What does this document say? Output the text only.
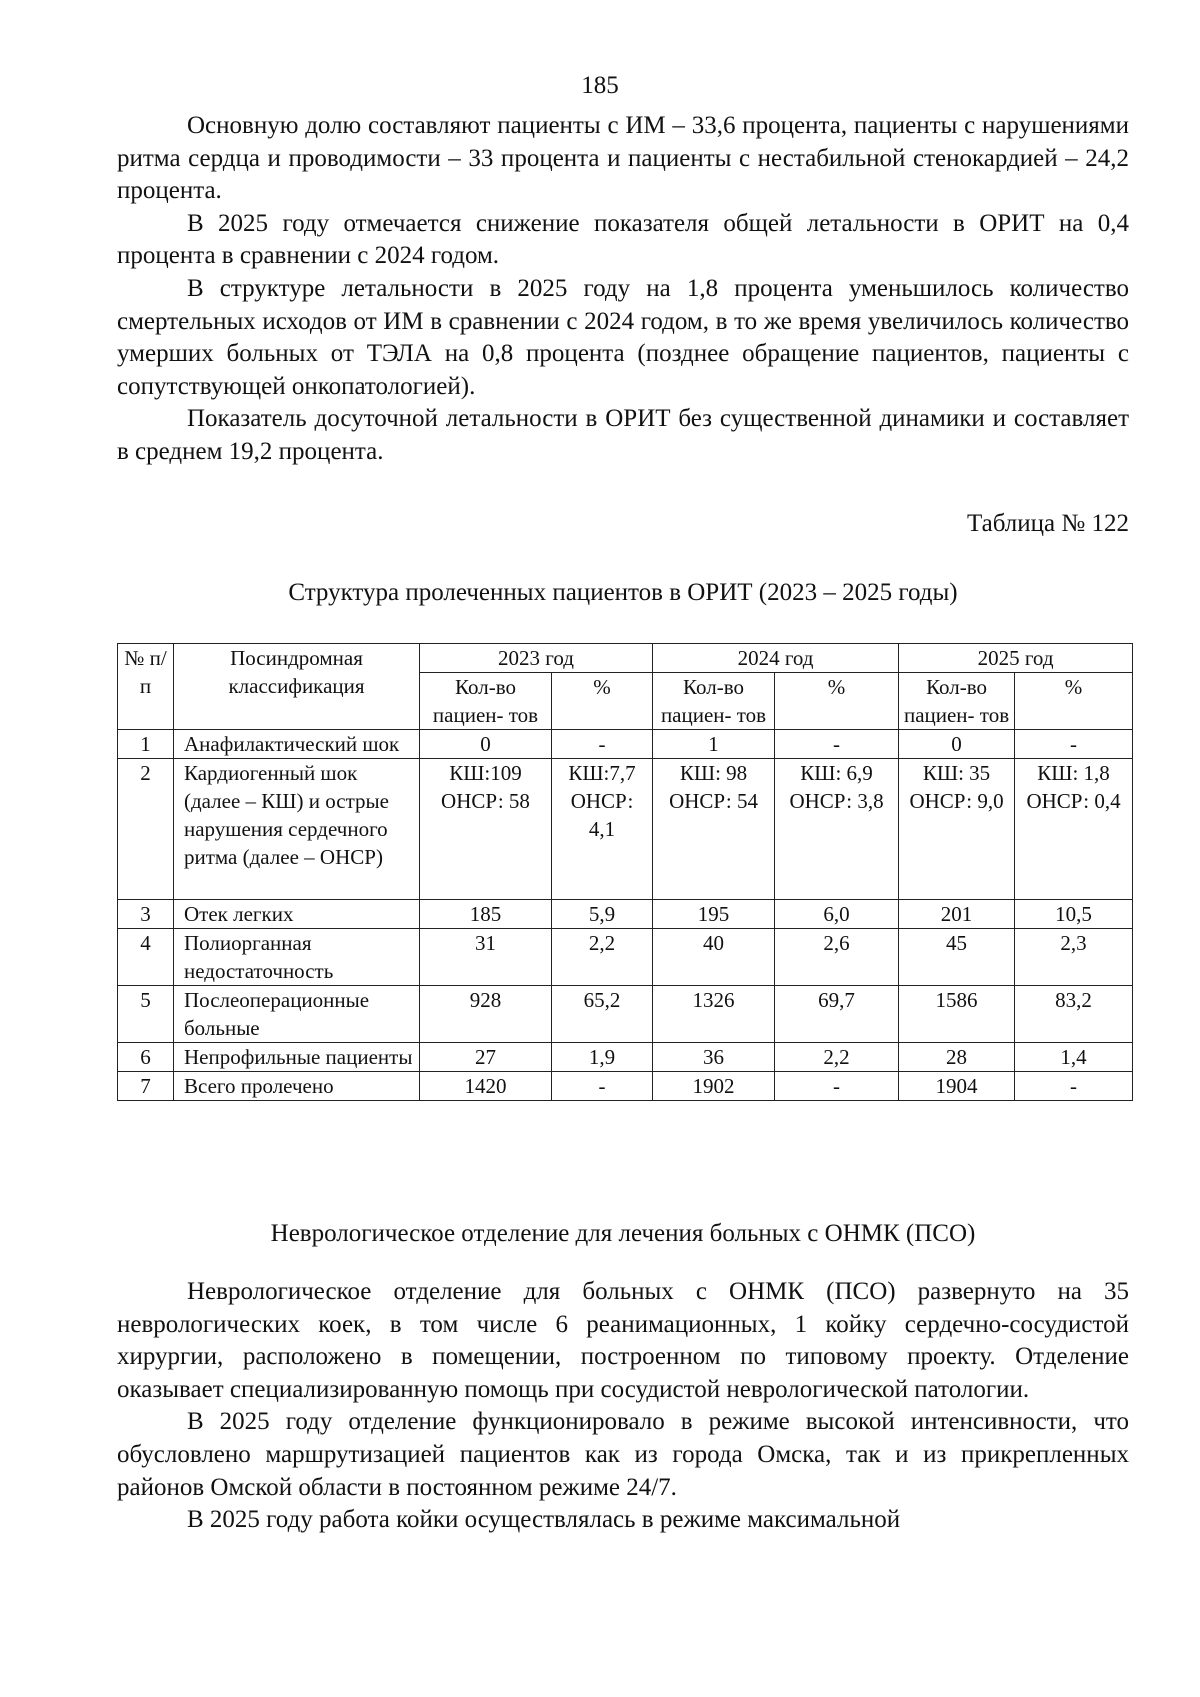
185

Основную долю составляют пациенты с ИМ – 33,6 процента, пациенты с нарушениями ритма сердца и проводимости – 33 процента и пациенты с нестабильной стенокардией – 24,2 процента.

В 2025 году отмечается снижение показателя общей летальности в ОРИТ на 0,4 процента в сравнении с 2024 годом.

В структуре летальности в 2025 году на 1,8 процента уменьшилось количество смертельных исходов от ИМ в сравнении с 2024 годом, в то же время увеличилось количество умерших больных от ТЭЛА на 0,8 процента (позднее обращение пациентов, пациенты с сопутствующей онкопатологией).

Показатель досуточной летальности в ОРИТ без существенной динамики и составляет в среднем 19,2 процента.

Таблица № 122
Структура пролеченных пациентов в ОРИТ (2023 – 2025 годы)
№ п/п	Посиндромная классификация	2023 год		2024 год		2025 год	
		Кол-во пациен- тов	%	Кол-во пациен- тов	%	Кол-во пациен- тов	%
1	Анафилактический шок	0	-	1	-	0	-
2	Кардиогенный шок (далее – КШ) и острые нарушения сердечного ритма (далее – ОНСР)	КШ:109 ОНСР: 58	КШ:7,7 ОНСР: 4,1	КШ: 98 ОНСР: 54	КШ: 6,9 ОНСР: 3,8	КШ: 35 ОНСР: 9,0	КШ: 1,8 ОНСР: 0,4
3	Отек легких	185	5,9	195	6,0	201	10,5
4	Полиорганная недостаточность	31	2,2	40	2,6	45	2,3
5	Послеоперационные больные	928	65,2	1326	69,7	1586	83,2
6	Непрофильные пациенты	27	1,9	36	2,2	28	1,4
7	Всего пролечено	1420	-	1902	-	1904	-
Неврологическое отделение для лечения больных с ОНМК (ПСО)

Неврологическое отделение для больных с ОНМК (ПСО) развернуто на 35 неврологических коек, в том числе 6 реанимационных, 1 койку сердечно-сосудистой хирургии, расположено в помещении, построенном по типовому проекту. Отделение оказывает специализированную помощь при сосудистой неврологической патологии.

В 2025 году отделение функционировало в режиме высокой интенсивности, что обусловлено маршрутизацией пациентов как из города Омска, так и из прикрепленных районов Омской области в постоянном режиме 24/7.

В 2025 году работа койки осуществлялась в режиме максимальной
